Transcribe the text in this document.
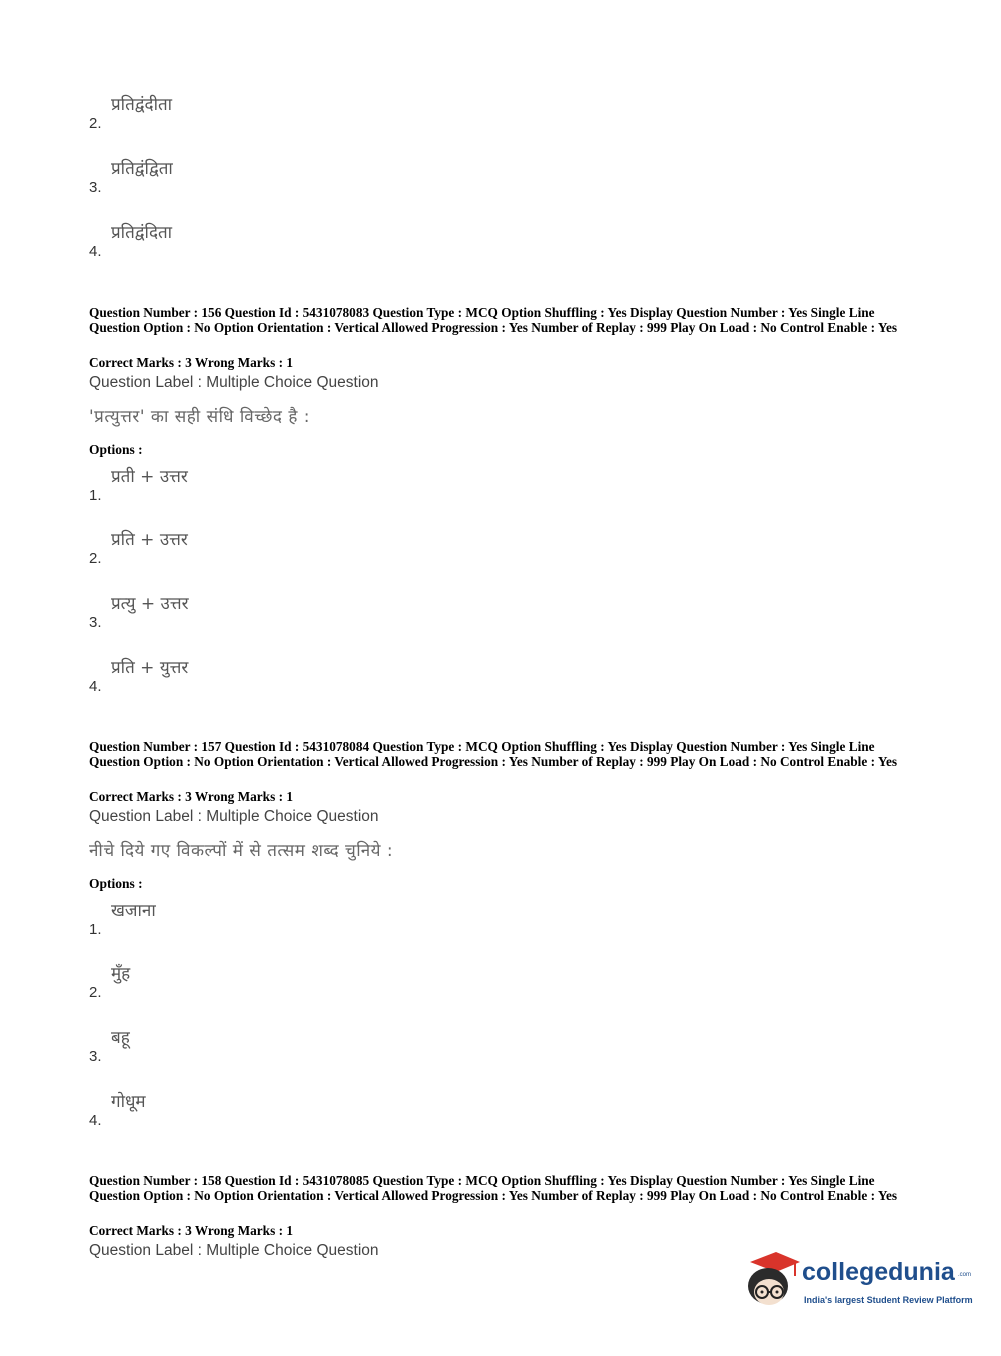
2.
प्रतिद्वंदीता
3.
प्रतिद्वंद्विता
4.
प्रतिद्वंदिता
Question Number : 156 Question Id : 5431078083 Question Type : MCQ Option Shuffling : Yes Display Question Number : Yes Single Line Question Option : No Option Orientation : Vertical Allowed Progression : Yes Number of Replay : 999 Play On Load : No Control Enable : Yes
Correct Marks : 3 Wrong Marks : 1
Question Label : Multiple Choice Question
'प्रत्युत्तर' का सही संधि विच्छेद है :
Options :
1.
प्रती + उत्तर
2.
प्रति + उत्तर
3.
प्रत्यु + उत्तर
4.
प्रति + युत्तर
Question Number : 157 Question Id : 5431078084 Question Type : MCQ Option Shuffling : Yes Display Question Number : Yes Single Line Question Option : No Option Orientation : Vertical Allowed Progression : Yes Number of Replay : 999 Play On Load : No Control Enable : Yes
Correct Marks : 3 Wrong Marks : 1
Question Label : Multiple Choice Question
नीचे दिये गए विकल्पों में से तत्सम शब्द चुनिये :
Options :
1.
खजाना
2.
मुँह
3.
बहू
4.
गोधूम
Question Number : 158 Question Id : 5431078085 Question Type : MCQ Option Shuffling : Yes Display Question Number : Yes Single Line Question Option : No Option Orientation : Vertical Allowed Progression : Yes Number of Replay : 999 Play On Load : No Control Enable : Yes
Correct Marks : 3 Wrong Marks : 1
Question Label : Multiple Choice Question
collegedunia .com
India's largest Student Review Platform
